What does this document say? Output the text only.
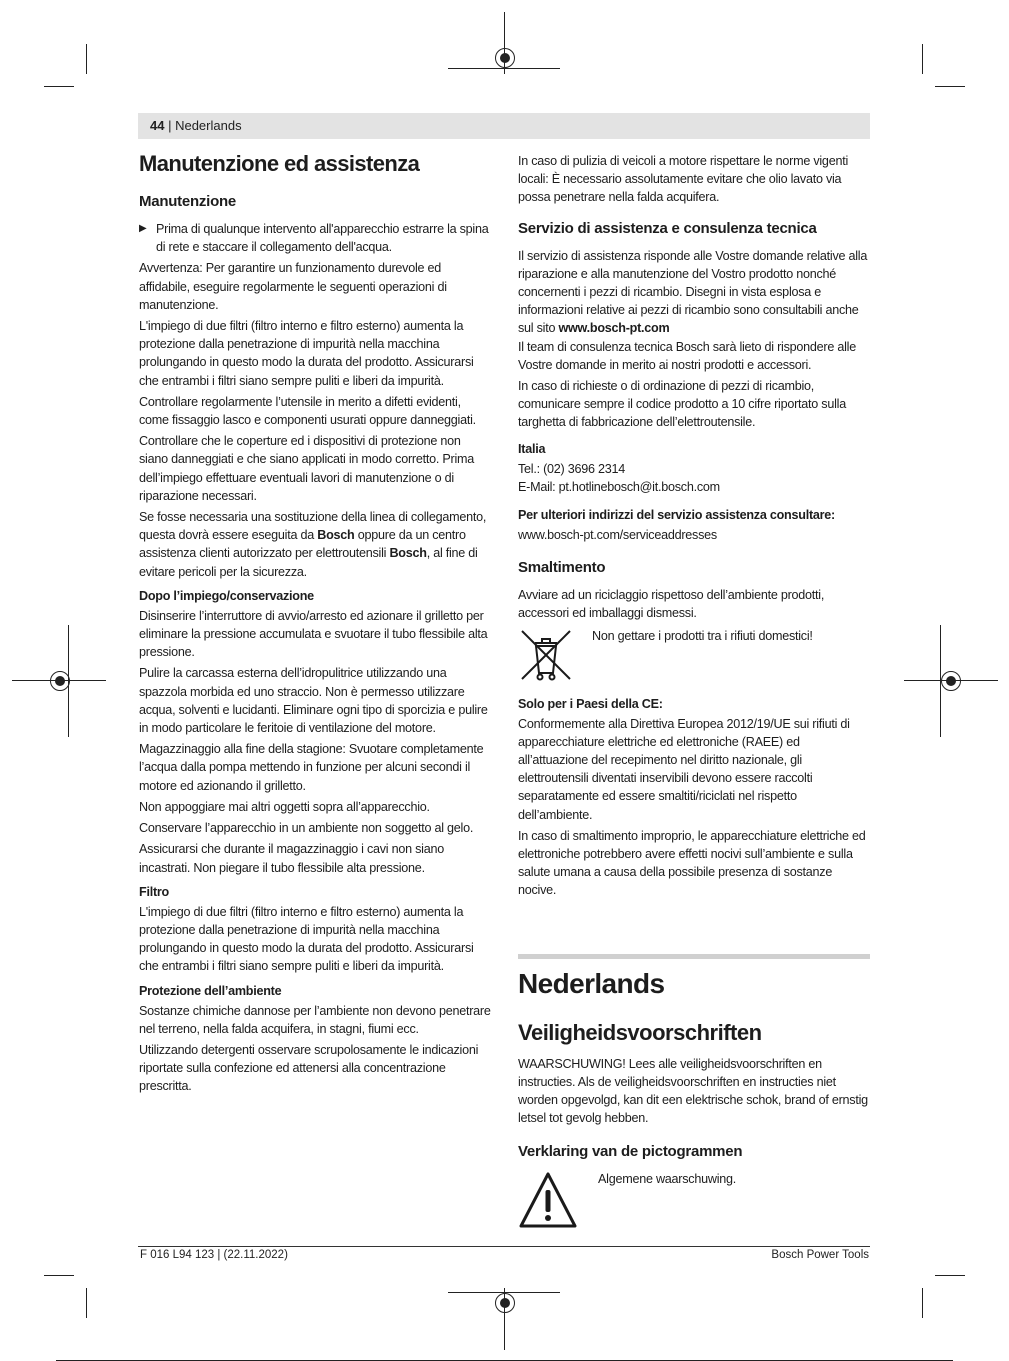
44 | Nederlands
Manutenzione ed assistenza
Manutenzione

▶ Prima di qualunque intervento all'apparecchio estrarre la spina di rete e staccare il collegamento dell'acqua.

Avvertenza: Per garantire un funzionamento durevole ed affidabile, eseguire regolarmente le seguenti operazioni di manutenzione.

L'impiego di due filtri (filtro interno e filtro esterno) aumenta la protezione dalla penetrazione di impurità nella macchina prolungando in questo modo la durata del prodotto. Assicurarsi che entrambi i filtri siano sempre puliti e liberi da impurità.

Controllare regolarmente l’utensile in merito a difetti evidenti, come fissaggio lasco e componenti usurati oppure danneggiati.

Controllare che le coperture ed i dispositivi di protezione non siano danneggiati e che siano applicati in modo corretto. Prima dell’impiego effettuare eventuali lavori di manutenzione o di riparazione necessari.

Se fosse necessaria una sostituzione della linea di collegamento, questa dovrà essere eseguita da Bosch oppure da un centro assistenza clienti autorizzato per elettroutensili Bosch, al fine di evitare pericoli per la sicurezza.

Dopo l’impiego/conservazione

Disinserire l’interruttore di avvio/arresto ed azionare il grilletto per eliminare la pressione accumulata e svuotare il tubo flessibile alta pressione.

Pulire la carcassa esterna dell’idropulitrice utilizzando una spazzola morbida ed uno straccio. Non è permesso utilizzare acqua, solventi e lucidanti. Eliminare ogni tipo di sporcizia e pulire in modo particolare le feritoie di ventilazione del motore.

Magazzinaggio alla fine della stagione: Svuotare completamente l’acqua dalla pompa mettendo in funzione per alcuni secondi il motore ed azionando il grilletto.

Non appoggiare mai altri oggetti sopra all’apparecchio.

Conservare l’apparecchio in un ambiente non soggetto al gelo.

Assicurarsi che durante il magazzinaggio i cavi non siano incastrati. Non piegare il tubo flessibile alta pressione.

Filtro

L'impiego di due filtri (filtro interno e filtro esterno) aumenta la protezione dalla penetrazione di impurità nella macchina prolungando in questo modo la durata del prodotto. Assicurarsi che entrambi i filtri siano sempre puliti e liberi da impurità.

Protezione dell’ambiente

Sostanze chimiche dannose per l’ambiente non devono penetrare nel terreno, nella falda acquifera, in stagni, fiumi ecc.

Utilizzando detergenti osservare scrupolosamente le indicazioni riportate sulla confezione ed attenersi alla concentrazione prescritta.

In caso di pulizia di veicoli a motore rispettare le norme vigenti locali: È necessario assolutamente evitare che olio lavato via possa penetrare nella falda acquifera.

Servizio di assistenza e consulenza tecnica

Il servizio di assistenza risponde alle Vostre domande relative alla riparazione e alla manutenzione del Vostro prodotto nonché concernenti i pezzi di ricambio. Disegni in vista esplosa e informazioni relative ai pezzi di ricambio sono consultabili anche sul sito www.bosch-pt.com

Il team di consulenza tecnica Bosch sarà lieto di rispondere alle Vostre domande in merito ai nostri prodotti e accessori.

In caso di richieste o di ordinazione di pezzi di ricambio, comunicare sempre il codice prodotto a 10 cifre riportato sulla targhetta di fabbricazione dell’elettroutensile.

Italia
Tel.: (02) 3696 2314
E-Mail: pt.hotlinebosch@it.bosch.com
Per ulteriori indirizzi del servizio assistenza consultare:
www.bosch-pt.com/serviceaddresses
Smaltimento

Avviare ad un riciclaggio rispettoso dell’ambiente prodotti, accessori ed imballaggi dismessi.

Non gettare i prodotti tra i rifiuti domestici!
Solo per i Paesi della CE:

Conformemente alla Direttiva Europea 2012/19/UE sui rifiuti di apparecchiature elettriche ed elettroniche (RAEE) ed all’attuazione del recepimento nel diritto nazionale, gli elettroutensili diventati inservibili devono essere raccolti separatamente ed essere smaltiti/riciclati nel rispetto dell’ambiente.

In caso di smaltimento improprio, le apparecchiature elettriche ed elettroniche potrebbero avere effetti nocivi sull’ambiente e sulla salute umana a causa della possibile presenza di sostanze nocive.

Nederlands
Veiligheidsvoorschriften

WAARSCHUWING! Lees alle veiligheidsvoorschriften en instructies. Als de veiligheidsvoorschriften en instructies niet worden opgevolgd, kan dit een elektrische schok, brand of ernstig letsel tot gevolg hebben.

Verklaring van de pictogrammen
Algemene waarschuwing.
F 016 L94 123 | (22.11.2022)	Bosch Power Tools
